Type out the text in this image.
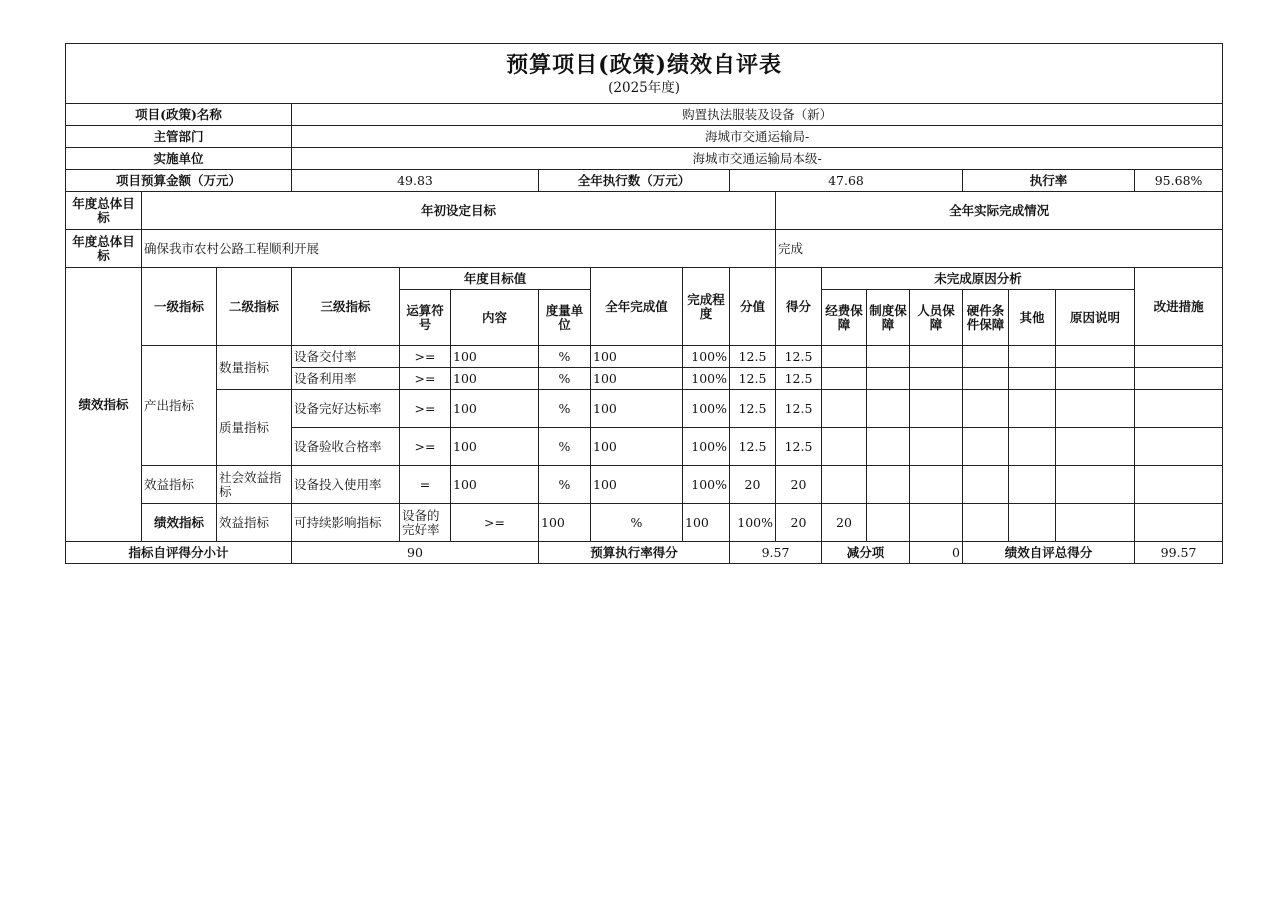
预算项目(政策)绩效自评表
(2025年度)																		

项目(政策)名称			购置执法服装及设备（新）															
主管部门			海城市交通运输局-															
实施单位			海城市交通运输局本级-															
项目预算金额（万元）			49.83			全年执行数（万元）			47.68					执行率			95.68%	
年度总体目标	年初设定目标									全年实际完成情况								
年度总体目标	确保我市农村公路工程顺利开展									完成								
绩效指标	一级指标	二级指标	三级指标	年度目标值			全年完成值	完成程度	分值	得分	未完成原因分析						改进措施	
				运算符号	内容	度量单位					经费保障	制度保障	人员保障	硬件条件保障	其他	原因说明		
	产出指标	数量指标	设备交付率	>=	100	%	100	100%	12.5	12.5								
			设备利用率	>=	100	%	100	100%	12.5	12.5								
		质量指标	设备完好达标率	>=	100	%	100	100%	12.5	12.5								
			设备验收合格率	>=	100	%	100	100%	12.5	12.5								
	效益指标	社会效益指标	设备投入使用率	=	100	%	100	100%	20	20								
	绩效指标	效益指标	可持续影响指标	设备的完好率	>=	100	%	100	100%	20	20							
指标自评得分小计			90			预算执行率得分			9.57		减分项		0	绩效自评总得分			99.57	
